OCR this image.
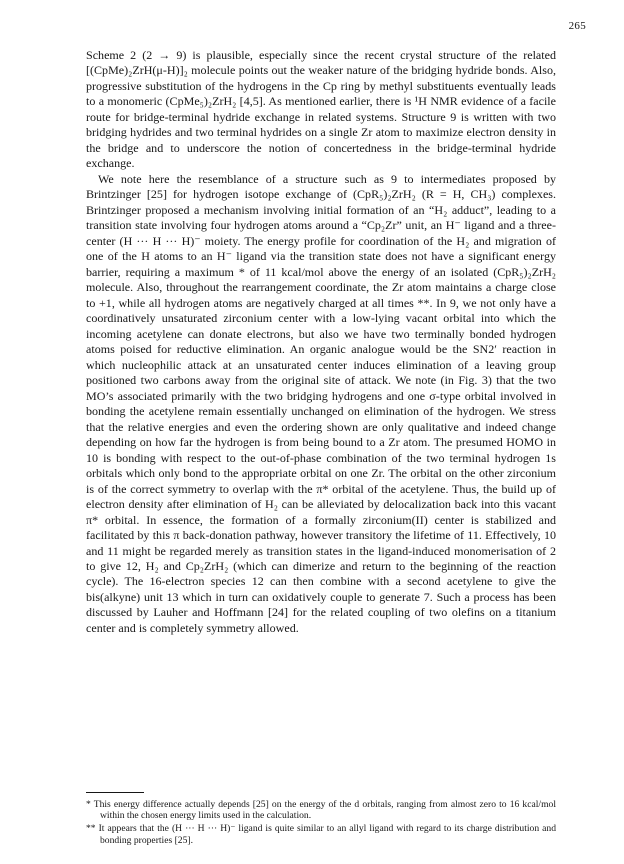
265

Scheme 2 (2 → 9) is plausible, especially since the recent crystal structure of the related [(CpMe)₂ZrH(μ-H)]₂ molecule points out the weaker nature of the bridging hydride bonds. Also, progressive substitution of the hydrogens in the Cp ring by methyl substituents eventually leads to a monomeric (CpMe₅)₂ZrH₂ [4,5]. As mentioned earlier, there is ¹H NMR evidence of a facile route for bridge-terminal hydride exchange in related systems. Structure 9 is written with two bridging hydrides and two terminal hydrides on a single Zr atom to maximize electron density in the bridge and to underscore the notion of concertedness in the bridge-terminal hydride exchange.

We note here the resemblance of a structure such as 9 to intermediates proposed by Brintzinger [25] for hydrogen isotope exchange of (CpR₅)₂ZrH₂ (R = H, CH₃) complexes. Brintzinger proposed a mechanism involving initial formation of an “H₂ adduct”, leading to a transition state involving four hydrogen atoms around a “Cp₂Zr” unit, an H⁻ ligand and a three-center (H ··· H ··· H)⁻ moiety. The energy profile for coordination of the H₂ and migration of one of the H atoms to an H⁻ ligand via the transition state does not have a significant energy barrier, requiring a maximum * of 11 kcal/mol above the energy of an isolated (CpR₅)₂ZrH₂ molecule. Also, throughout the rearrangement coordinate, the Zr atom maintains a charge close to +1, while all hydrogen atoms are negatively charged at all times **. In 9, we not only have a coordinatively unsaturated zirconium center with a low-lying vacant orbital into which the incoming acetylene can donate electrons, but also we have two terminally bonded hydrogen atoms poised for reductive elimination. An organic analogue would be the SN2′ reaction in which nucleophilic attack at an unsaturated center induces elimination of a leaving group positioned two carbons away from the original site of attack. We note (in Fig. 3) that the two MO’s associated primarily with the two bridging hydrogens and one σ-type orbital involved in bonding the acetylene remain essentially unchanged on elimination of the hydrogen. We stress that the relative energies and even the ordering shown are only qualitative and indeed change depending on how far the hydrogen is from being bound to a Zr atom. The presumed HOMO in 10 is bonding with respect to the out-of-phase combination of the two terminal hydrogen 1s orbitals which only bond to the appropriate orbital on one Zr. The orbital on the other zirconium is of the correct symmetry to overlap with the π* orbital of the acetylene. Thus, the build up of electron density after elimination of H₂ can be alleviated by delocalization back into this vacant π* orbital. In essence, the formation of a formally zirconium(II) center is stabilized and facilitated by this π back-donation pathway, however transitory the lifetime of 11. Effectively, 10 and 11 might be regarded merely as transition states in the ligand-induced monomerisation of 2 to give 12, H₂ and Cp₂ZrH₂ (which can dimerize and return to the beginning of the reaction cycle). The 16-electron species 12 can then combine with a second acetylene to give the bis(alkyne) unit 13 which in turn can oxidatively couple to generate 7. Such a process has been discussed by Lauher and Hoffmann [24] for the related coupling of two olefins on a titanium center and is completely symmetry allowed.

* This energy difference actually depends [25] on the energy of the d orbitals, ranging from almost zero to 16 kcal/mol within the chosen energy limits used in the calculation.

** It appears that the (H ··· H ··· H)⁻ ligand is quite similar to an allyl ligand with regard to its charge distribution and bonding properties [25].
